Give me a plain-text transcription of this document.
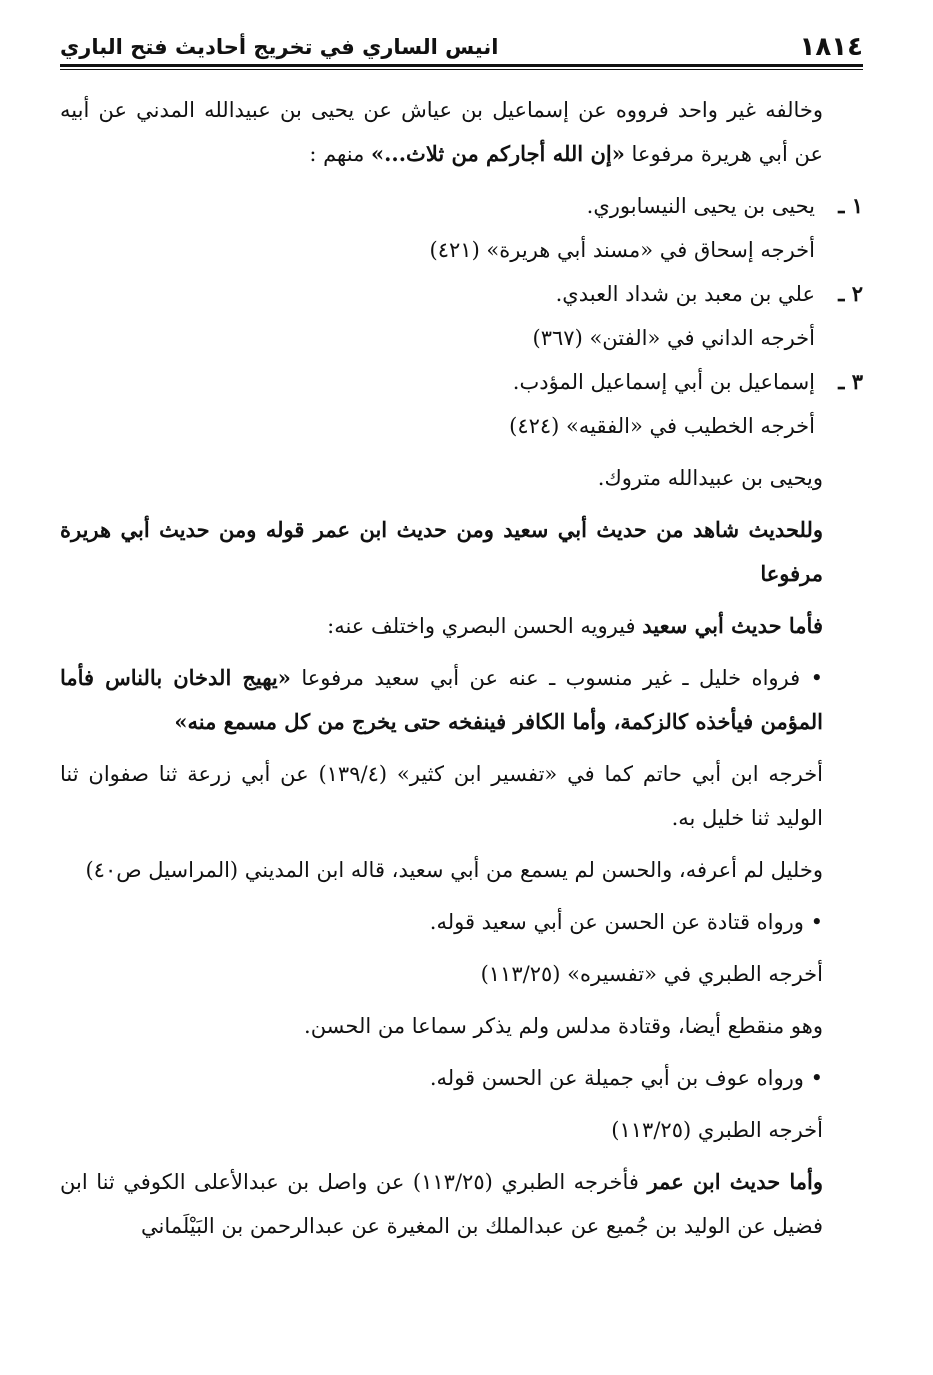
١٨١٤
انيس الساري في تخريج أحاديث فتح الباري

وخالفه غير واحد فرووه عن إسماعيل بن عياش عن يحيى بن عبيدالله المدني عن أبيه عن أبي هريرة مرفوعا «إن الله أجاركم من ثلاث...» منهم :

١ ـيحيى بن يحيى النيسابوري.

أخرجه إسحاق في «مسند أبي هريرة» (٤٢١)

٢ ـعلي بن معبد بن شداد العبدي.

أخرجه الداني في «الفتن» (٣٦٧)

٣ ـإسماعيل بن أبي إسماعيل المؤدب.

أخرجه الخطيب في «الفقيه» (٤٢٤)

ويحيى بن عبيدالله متروك.

وللحديث شاهد من حديث أبي سعيد ومن حديث ابن عمر قوله ومن حديث أبي هريرة مرفوعا

فأما حديث أبي سعيد فيرويه الحسن البصري واختلف عنه:

• فرواه خليل ـ غير منسوب ـ عنه عن أبي سعيد مرفوعا «يهيج الدخان بالناس فأما المؤمن فيأخذه كالزكمة، وأما الكافر فينفخه حتى يخرج من كل مسمع منه»

أخرجه ابن أبي حاتم كما في «تفسير ابن كثير» (١٣٩/٤) عن أبي زرعة ثنا صفوان ثنا الوليد ثنا خليل به.

وخليل لم أعرفه، والحسن لم يسمع من أبي سعيد، قاله ابن المديني (المراسيل ص٤٠)

• ورواه قتادة عن الحسن عن أبي سعيد قوله.

أخرجه الطبري في «تفسيره» (١١٣/٢٥)

وهو منقطع أيضا، وقتادة مدلس ولم يذكر سماعا من الحسن.

• ورواه عوف بن أبي جميلة عن الحسن قوله.

أخرجه الطبري (١١٣/٢٥)

وأما حديث ابن عمر فأخرجه الطبري (١١٣/٢٥) عن واصل بن عبدالأعلى الكوفي ثنا ابن فضيل عن الوليد بن جُميع عن عبدالملك بن المغيرة عن عبدالرحمن بن البَيْلَماني
